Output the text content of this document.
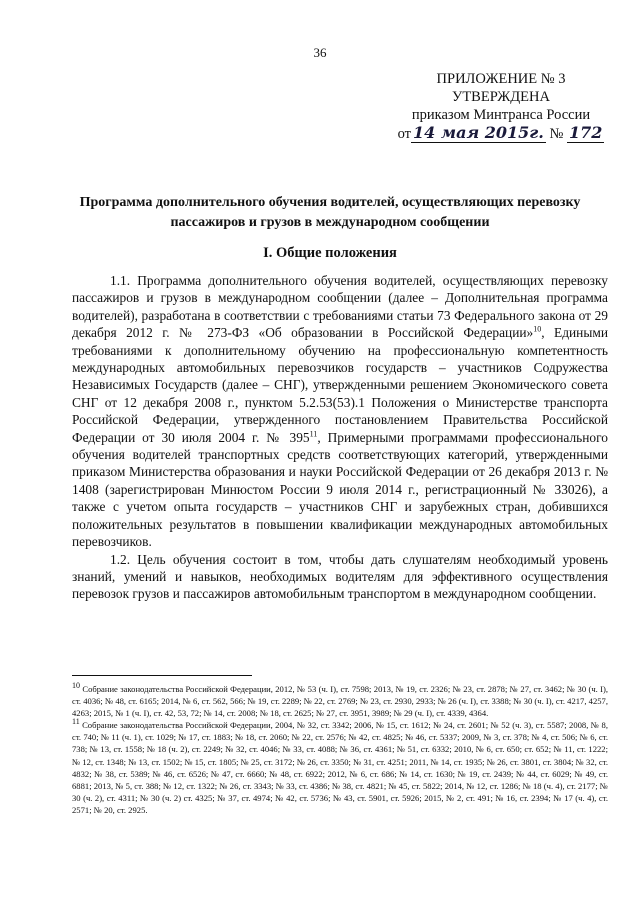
36
ПРИЛОЖЕНИЕ № 3
УТВЕРЖДЕНА
приказом Минтранса России
от 14 мая 2015г. № 172
Программа дополнительного обучения водителей, осуществляющих перевозку пассажиров и грузов в международном сообщении
I. Общие положения

1.1. Программа дополнительного обучения водителей, осуществляющих перевозку пассажиров и грузов в международном сообщении (далее – Дополнительная программа водителей), разработана в соответствии с требованиями статьи 73 Федерального закона от 29 декабря 2012 г. № 273-ФЗ «Об образовании в Российской Федерации»$^{10}$, Едиными требованиями к дополнительному обучению на профессиональную компетентность международных автомобильных перевозчиков государств – участников Содружества Независимых Государств (далее – СНГ), утвержденными решением Экономического совета СНГ от 12 декабря 2008 г., пунктом 5.2.53(53).1 Положения о Министерстве транспорта Российской Федерации, утвержденного постановлением Правительства Российской Федерации от 30 июля 2004 г. № $395^{11}$, Примерными программами профессионального обучения водителей транспортных средств соответствующих категорий, утвержденными приказом Министерства образования и науки Российской Федерации от 26 декабря 2013 г. № 1408 (зарегистрирован Минюстом России 9 июля 2014 г., регистрационный № 33026), а также с учетом опыта государств – участников СНГ и зарубежных стран, добившихся положительных результатов в повышении квалификации международных автомобильных перевозчиков.

1.2. Цель обучения состоит в том, чтобы дать слушателям необходимый уровень знаний, умений и навыков, необходимых водителям для эффективного осуществления перевозок грузов и пассажиров автомобильным транспортом в международном сообщении.

$^{10}$ Собрание законодательства Российской Федерации, 2012, № 53 (ч. I), ст. 7598; 2013, № 19, ст. 2326; № 23, ст. 2878; № 27, ст. 3462; № 30 (ч. I), ст. 4036; № 48, ст. 6165; 2014, № 6, ст. 562, 566; № 19, ст. 2289; № 22, ст. 2769; № 23, ст. 2930, 2933; № 26 (ч. I), ст. 3388; № 30 (ч. I), ст. 4217, 4257, 4263; 2015, № 1 (ч. I), ст. 42, 53, 72; № 14, ст. 2008; № 18, ст. 2625; № 27, ст. 3951, 3989; № 29 (ч. I), ст. 4339, 4364.

$^{11}$ Собрание законодательства Российской Федерации, 2004, № 32, ст. 3342; 2006, № 15, ст. 1612; № 24, ст. 2601; № 52 (ч. 3), ст. 5587; 2008, № 8, ст. 740; № 11 (ч. 1), ст. 1029; № 17, ст. 1883; № 18, ст. 2060; № 22, ст. 2576; № 42, ст. 4825; № 46, ст. 5337; 2009, № 3, ст. 378; № 4, ст. 506; № 6, ст. 738; № 13, ст. 1558; № 18 (ч. 2), ст. 2249; № 32, ст. 4046; № 33, ст. 4088; № 36, ст. 4361; № 51, ст. 6332; 2010, № 6, ст. 650; ст. 652; № 11, ст. 1222; № 12, ст. 1348; № 13, ст. 1502; № 15, ст. 1805; № 25, ст. 3172; № 26, ст. 3350; № 31, ст. 4251; 2011, № 14, ст. 1935; № 26, ст. 3801, ст. 3804; № 32, ст. 4832; № 38, ст. 5389; № 46, ст. 6526; № 47, ст. 6660; № 48, ст. 6922; 2012, № 6, ст. 686; № 14, ст. 1630; № 19, ст. 2439; № 44, ст. 6029; № 49, ст. 6881; 2013, № 5, ст. 388; № 12, ст. 1322; № 26, ст. 3343; № 33, ст. 4386; № 38, ст. 4821; № 45, ст. 5822; 2014, № 12, ст. 1286; № 18 (ч. 4), ст. 2177; № 30 (ч. 2), ст. 4311; № 30 (ч. 2) ст. 4325; № 37, ст. 4974; № 42, ст. 5736; № 43, ст. 5901, ст. 5926; 2015, № 2, ст. 491; № 16, ст. 2394; № 17 (ч. 4), ст. 2571; № 20, ст. 2925.
